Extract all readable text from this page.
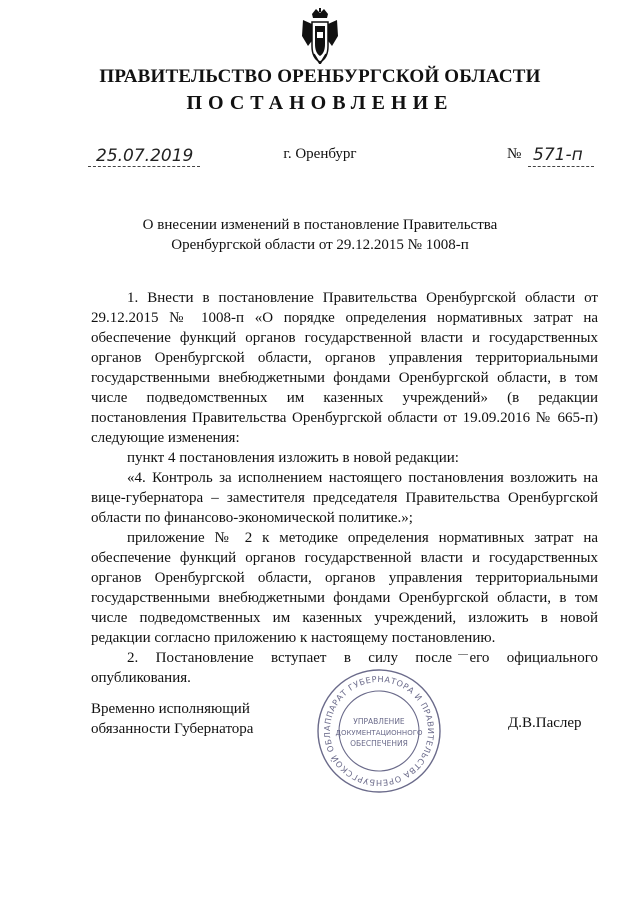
ПРАВИТЕЛЬСТВО ОРЕНБУРГСКОЙ ОБЛАСТИ
ПОСТАНОВЛЕНИЕ
25.07.2019	г. Оренбург	№ 571-п
О внесении изменений в постановление Правительства
Оренбургской области от 29.12.2015 № 1008-п

1. Внести в постановление Правительства Оренбургской области от 29.12.2015 № 1008-п «О порядке определения нормативных затрат на обеспечение функций органов государственной власти и государственных органов Оренбургской области, органов управления территориальными государственными внебюджетными фондами Оренбургской области, в том числе подведомственных им казенных учреждений» (в редакции постановления Правительства Оренбургской области от 19.09.2016 № 665-п) следующие изменения:

пункт 4 постановления изложить в новой редакции:

«4. Контроль за исполнением настоящего постановления возложить на вице-губернатора – заместителя председателя Правительства Оренбургской области по финансово-экономической политике.»;

приложение № 2 к методике определения нормативных затрат на обеспечение функций органов государственной власти и государственных органов Оренбургской области, органов управления территориальными государственными внебюджетными фондами Оренбургской области, в том числе подведомственных им казенных учреждений, изложить в новой редакции согласно приложению к настоящему постановлению.

2. Постановление вступает в силу после его официального опубликования.

Временно исполняющий
обязанности Губернатора	Д.В.Паслер
АППАРАТ ГУБЕРНАТОРА И ПРАВИТЕЛЬСТВА ОРЕНБУРГСКОЙ ОБЛ
УПРАВЛЕНИЕ
ДОКУМЕНТАЦИОННОГО
ОБЕСПЕЧЕНИЯ
